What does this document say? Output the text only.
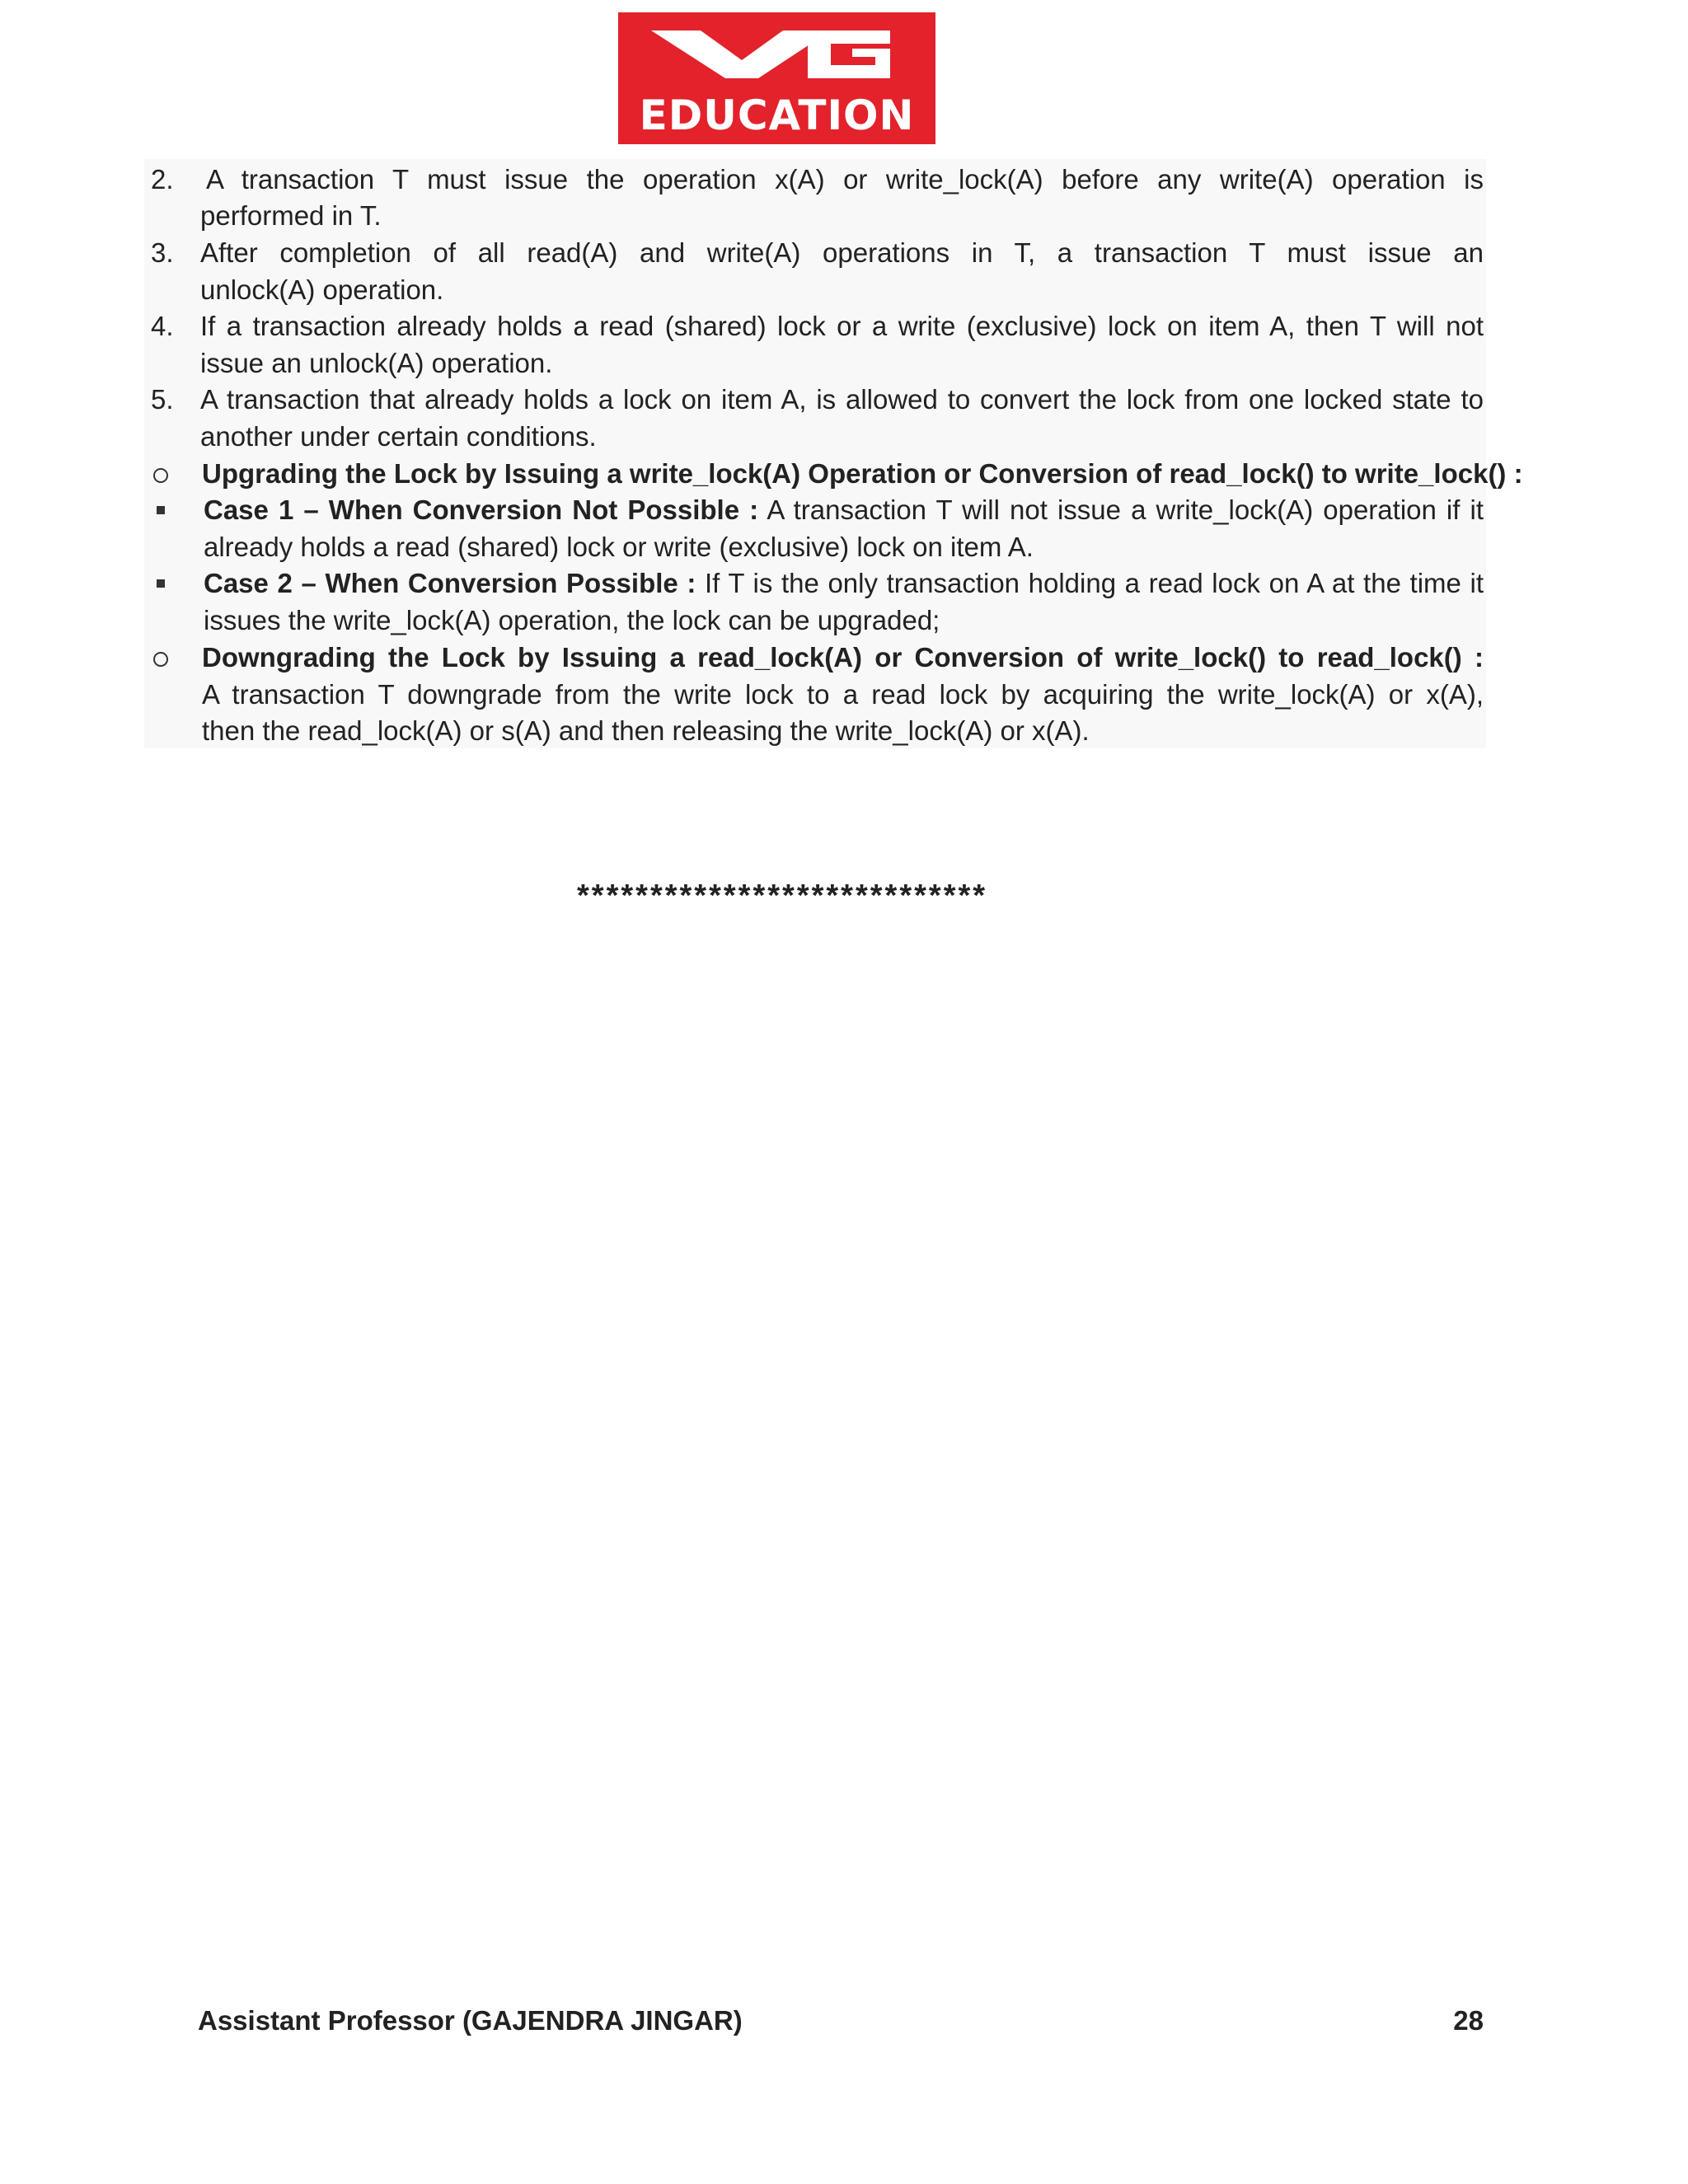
EDUCATION
2. A transaction T must issue the operation x(A) or write_lock(A) before any write(A) operation is
performed in T.
3. After completion of all read(A) and write(A) operations in T, a transaction T must issue an
unlock(A) operation.
4. If a transaction already holds a read (shared) lock or a write (exclusive) lock on item A, then T will not
issue an unlock(A) operation.
5. A transaction that already holds a lock on item A, is allowed to convert the lock from one locked state to
another under certain conditions.
Upgrading the Lock by Issuing a write_lock(A) Operation or Conversion of read_lock() to write_lock() :
Case 1 – When Conversion Not Possible : A transaction T will not issue a write_lock(A) operation if it
already holds a read (shared) lock or write (exclusive) lock on item A.
Case 2 – When Conversion Possible : If T is the only transaction holding a read lock on A at the time it
issues the write_lock(A) operation, the lock can be upgraded;
Downgrading the Lock by Issuing a read_lock(A) or Conversion of write_lock() to read_lock() :
A transaction T downgrade from the write lock to a read lock by acquiring the write_lock(A) or x(A),
then the read_lock(A) or s(A) and then releasing the write_lock(A) or x(A).
****************************
Assistant Professor (GAJENDRA JINGAR)	28
